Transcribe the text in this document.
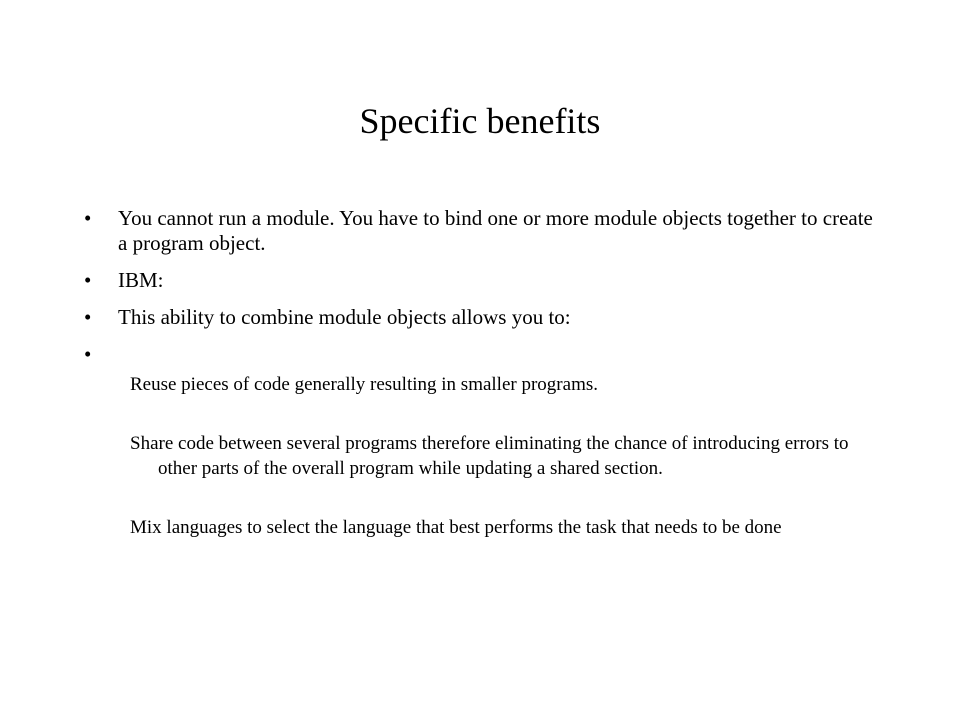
Specific benefits
•	You cannot run a module. You have to bind one or more module objects together to create a program object.
•	IBM:
•	This ability to combine module objects allows you to:
•
Reuse pieces of code generally resulting in smaller programs.
Share code between several programs therefore eliminating the chance of introducing errors to other parts of the overall program while updating a shared section.
Mix languages to select the language that best performs the task that needs to be done
